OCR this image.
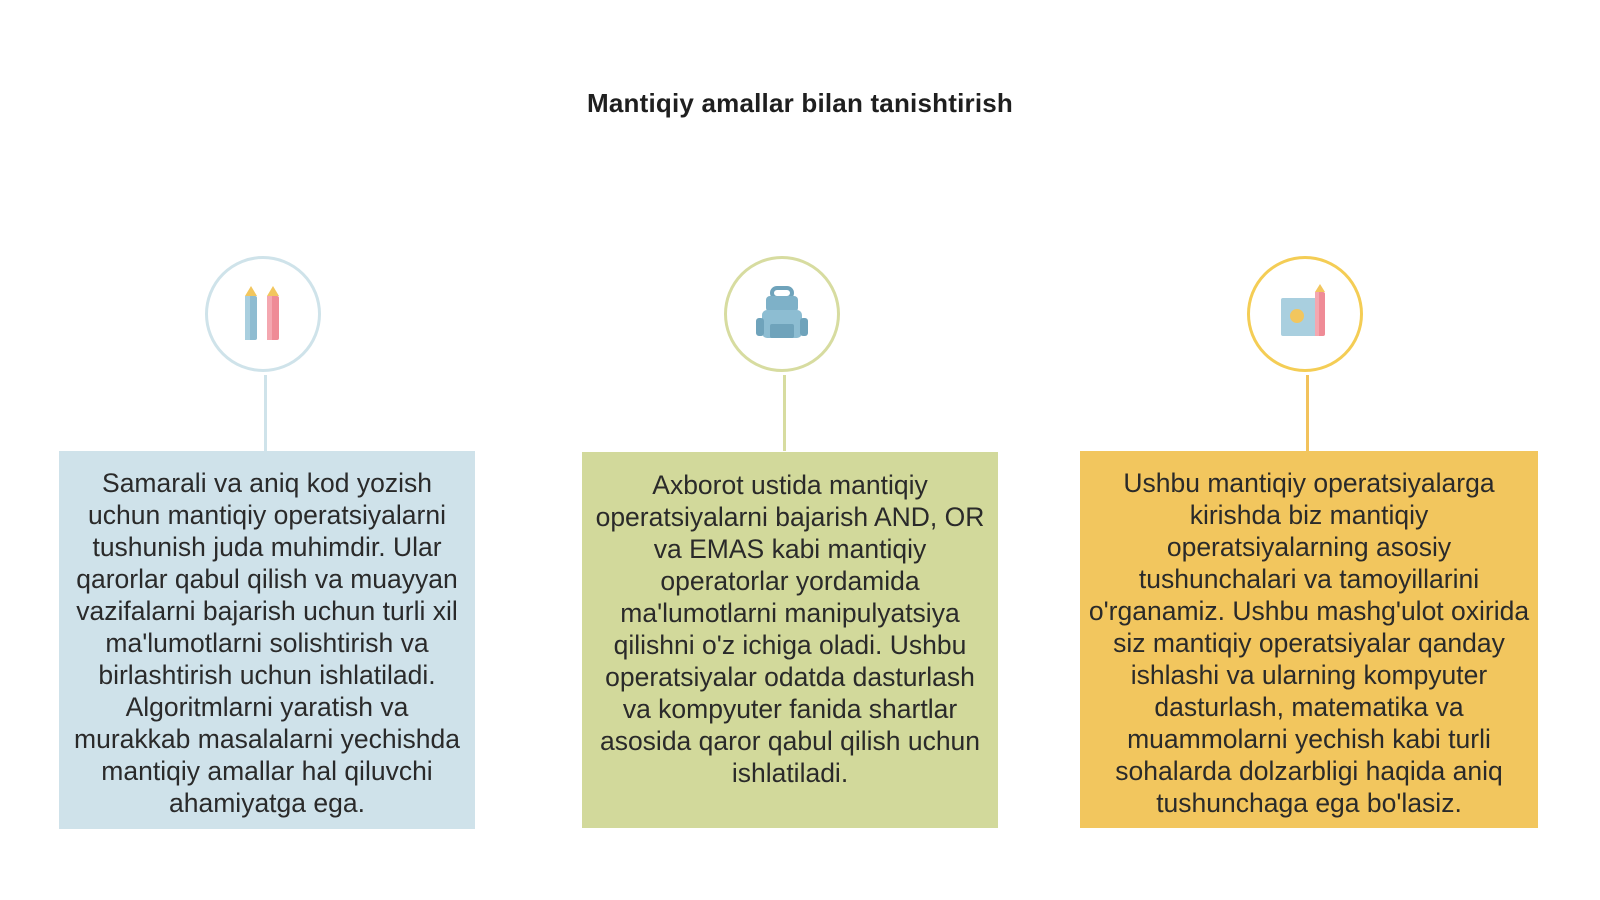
Mantiqiy amallar bilan tanishtirish
Samarali va aniq kod yozish uchun mantiqiy operatsiyalarni tushunish juda muhimdir. Ular qarorlar qabul qilish va muayyan vazifalarni bajarish uchun turli xil ma'lumotlarni solishtirish va birlashtirish uchun ishlatiladi. Algoritmlarni yaratish va murakkab masalalarni yechishda mantiqiy amallar hal qiluvchi ahamiyatga ega.
Axborot ustida mantiqiy operatsiyalarni bajarish AND, OR va EMAS kabi mantiqiy operatorlar yordamida ma'lumotlarni manipulyatsiya qilishni o'z ichiga oladi. Ushbu operatsiyalar odatda dasturlash va kompyuter fanida shartlar asosida qaror qabul qilish uchun ishlatiladi.
Ushbu mantiqiy operatsiyalarga kirishda biz mantiqiy operatsiyalarning asosiy tushunchalari va tamoyillarini o'rganamiz. Ushbu mashg'ulot oxirida siz mantiqiy operatsiyalar qanday ishlashi va ularning kompyuter dasturlash, matematika va muammolarni yechish kabi turli sohalarda dolzarbligi haqida aniq tushunchaga ega bo'lasiz.
